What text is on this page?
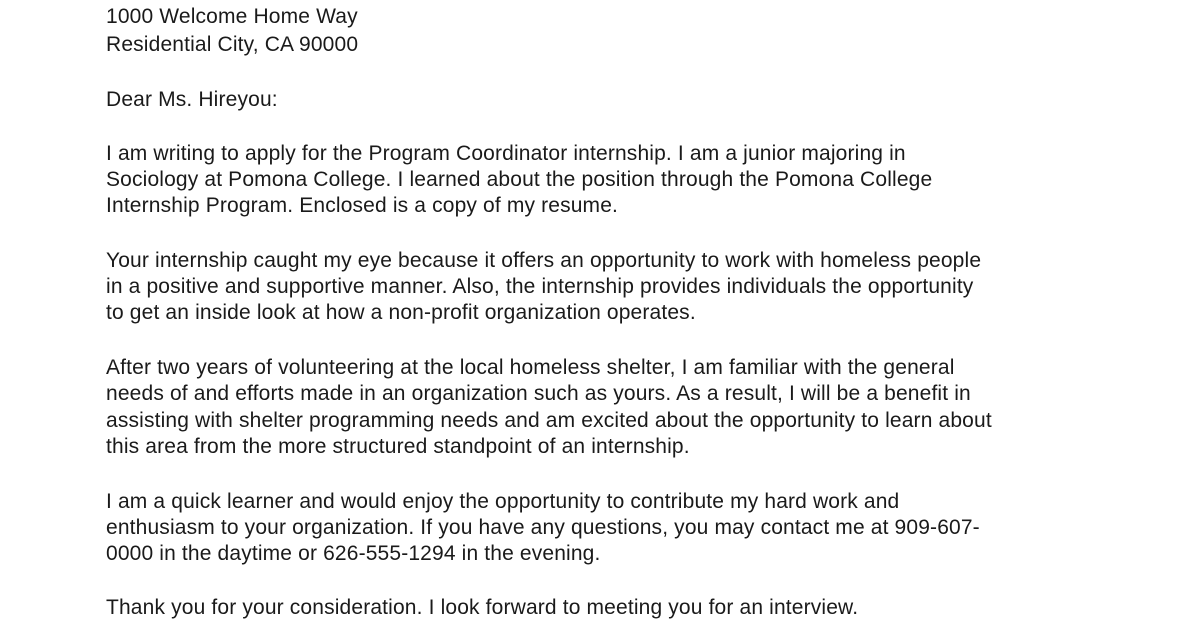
1000 Welcome Home Way
Residential City, CA 90000
Dear Ms. Hireyou:
I am writing to apply for the Program Coordinator internship. I am a junior majoring in
Sociology at Pomona College. I learned about the position through the Pomona College
Internship Program. Enclosed is a copy of my resume.
Your internship caught my eye because it offers an opportunity to work with homeless people
in a positive and supportive manner. Also, the internship provides individuals the opportunity
to get an inside look at how a non-profit organization operates.
After two years of volunteering at the local homeless shelter, I am familiar with the general
needs of and efforts made in an organization such as yours. As a result, I will be a benefit in
assisting with shelter programming needs and am excited about the opportunity to learn about
this area from the more structured standpoint of an internship.
I am a quick learner and would enjoy the opportunity to contribute my hard work and
enthusiasm to your organization. If you have any questions, you may contact me at 909-607-
0000 in the daytime or 626-555-1294 in the evening.
Thank you for your consideration. I look forward to meeting you for an interview.
